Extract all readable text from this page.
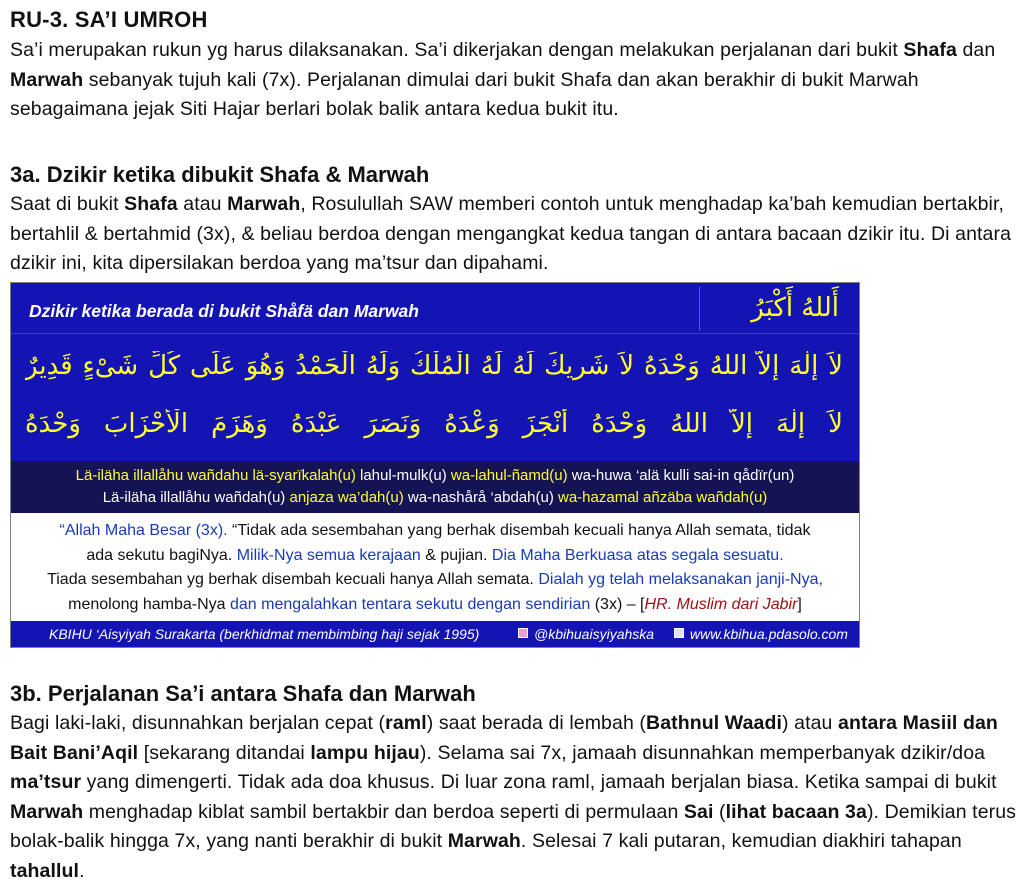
RU-3. SA’I UMROH

Sa’i merupakan rukun yg harus dilaksanakan. Sa’i dikerjakan dengan melakukan perjalanan dari bukit Shafa dan Marwah sebanyak tujuh kali (7x). Perjalanan dimulai dari bukit Shafa dan akan berakhir di bukit Marwah sebagaimana jejak Siti Hajar berlari bolak balik antara kedua bukit itu.

3a. Dzikir ketika dibukit Shafa & Marwah

Saat di bukit Shafa atau Marwah, Rosulullah SAW memberi contoh untuk menghadap ka’bah kemudian bertakbir, bertahlil & bertahmid (3x), & beliau berdoa dengan mengangkat kedua tangan di antara bacaan dzikir itu. Di antara dzikir ini, kita dipersilakan berdoa yang ma’tsur dan dipahami.

Dzikir ketika berada di bukit Shåfä dan Marwah	أَللهُ أَكْبَرُ
لاَ إِلٰهَ إِلاَّ اللهُ وَحْدَهُ لاَ شَرِيكَ لَهُ لَهُ الْمُلْكُ وَلَهُ الْحَمْدُ وَهُوَ عَلَى كُلِّ شَىْءٍ قَدِيرٌ
لاَ إِلٰهَ إِلاَّ اللهُ وَحْدَهُ أَنْجَزَ وَعْدَهُ وَنَصَرَ عَبْدَهُ وَهَزَمَ الْأَحْزَابَ وَحْدَهُ
Lä-iläha illallåhu wañdahu lä-syarïkalah(u) lahul-mulk(u) wa-lahul-ñamd(u) wa-huwa ‘alä kulli sai-in qådïr(un)
Lä-iläha illallåhu wañdah(u) anjaza wa’dah(u) wa-nashårå ‘abdah(u) wa-hazamal añzäba wañdah(u)
“Allah Maha Besar (3x). “Tidak ada sesembahan yang berhak disembah kecuali hanya Allah semata, tidak
ada sekutu bagiNya. Milik-Nya semua kerajaan & pujian. Dia Maha Berkuasa atas segala sesuatu.
Tiada sesembahan yg berhak disembah kecuali hanya Allah semata. Dialah yg telah melaksanakan janji-Nya,
menolong hamba-Nya dan mengalahkan tentara sekutu dengan sendirian (3x) – [HR. Muslim dari Jabir]
KBIHU ‘Aisyiyah Surakarta (berkhidmat membimbing haji sejak 1995)	@kbihuaisyiyahska	www.kbihua.pdasolo.com
3b. Perjalanan Sa’i antara Shafa dan Marwah

Bagi laki-laki, disunnahkan berjalan cepat (raml) saat berada di lembah (Bathnul Waadi) atau antara Masiil dan Bait Bani’Aqil [sekarang ditandai lampu hijau). Selama sai 7x, jamaah disunnahkan memperbanyak dzikir/doa ma’tsur yang dimengerti. Tidak ada doa khusus. Di luar zona raml, jamaah berjalan biasa. Ketika sampai di bukit Marwah menghadap kiblat sambil bertakbir dan berdoa seperti di permulaan Sai (lihat bacaan 3a). Demikian terus bolak-balik hingga 7x, yang nanti berakhir di bukit Marwah. Selesai 7 kali putaran, kemudian diakhiri tahapan tahallul.
